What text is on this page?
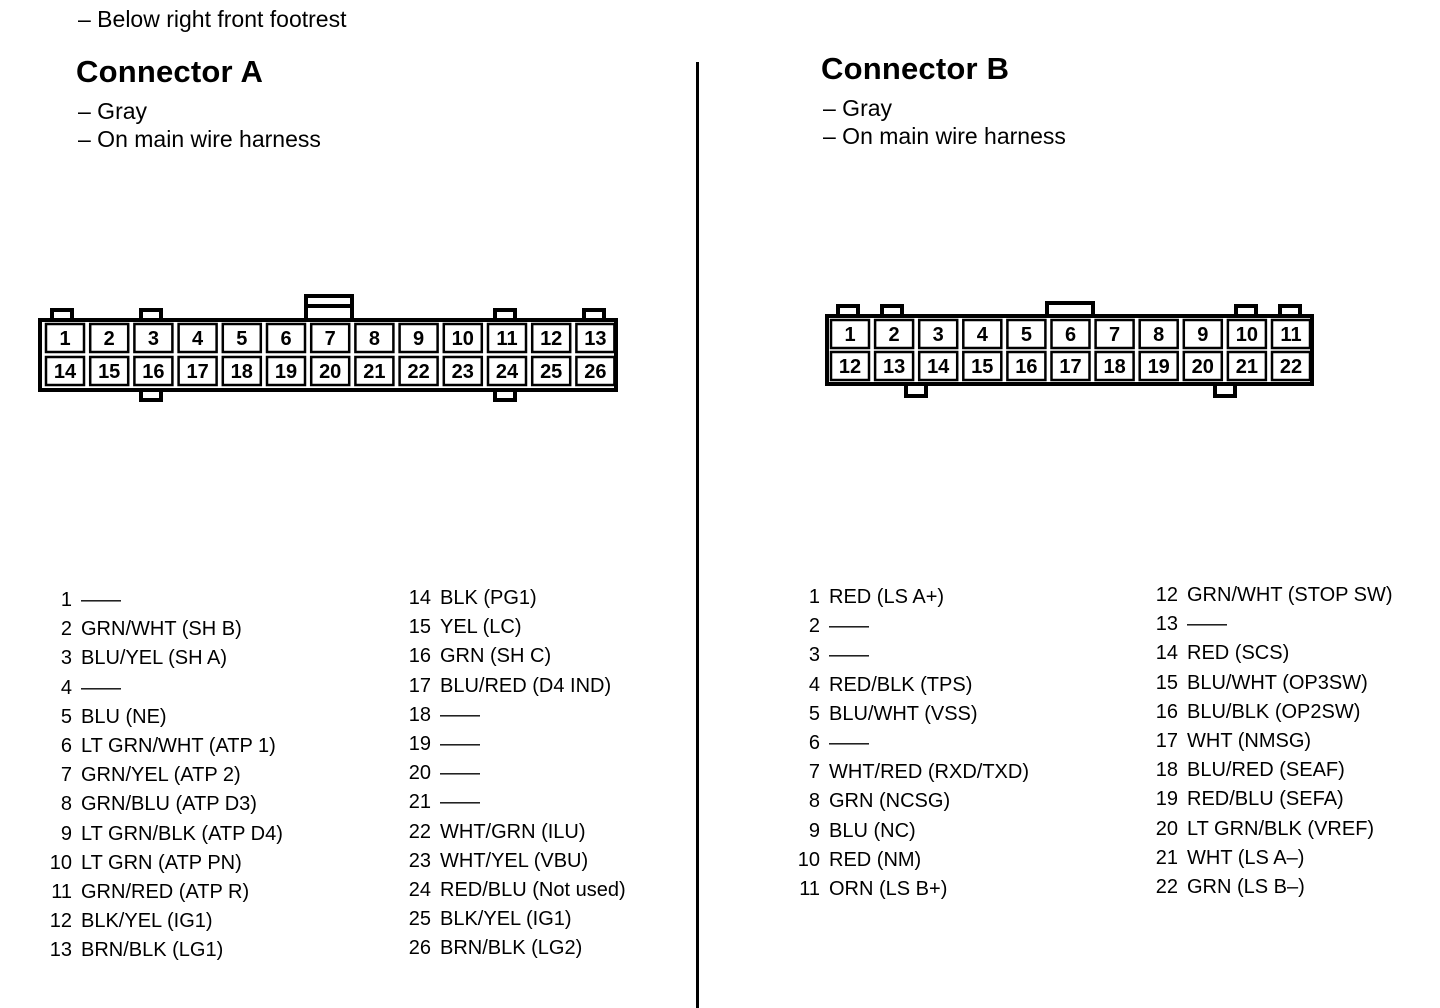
– Below right front footrest
Connector A
– Gray
– On main wire harness
Connector B
– Gray
– On main wire harness
1 2 3 4 5 6 7 8 9 10 11 12 13
14 15 16 17 18 19 20 21 22 23 24 25 26
1 2 3 4 5 6 7 8 9 10 11
12 13 14 15 16 17 18 19 20 21 22
1 ——
2 GRN/WHT (SH B)
3 BLU/YEL (SH A)
4 ——
5 BLU (NE)
6 LT GRN/WHT (ATP 1)
7 GRN/YEL (ATP 2)
8 GRN/BLU (ATP D3)
9 LT GRN/BLK (ATP D4)
10 LT GRN (ATP PN)
11 GRN/RED (ATP R)
12 BLK/YEL (IG1)
13 BRN/BLK (LG1)
14 BLK (PG1)
15 YEL (LC)
16 GRN (SH C)
17 BLU/RED (D4 IND)
18 ——
19 ——
20 ——
21 ——
22 WHT/GRN (ILU)
23 WHT/YEL (VBU)
24 RED/BLU (Not used)
25 BLK/YEL (IG1)
26 BRN/BLK (LG2)
1 RED (LS A+)
2 ——
3 ——
4 RED/BLK (TPS)
5 BLU/WHT (VSS)
6 ——
7 WHT/RED (RXD/TXD)
8 GRN (NCSG)
9 BLU (NC)
10 RED (NM)
11 ORN (LS B+)
12 GRN/WHT (STOP SW)
13 ——
14 RED (SCS)
15 BLU/WHT (OP3SW)
16 BLU/BLK (OP2SW)
17 WHT (NMSG)
18 BLU/RED (SEAF)
19 RED/BLU (SEFA)
20 LT GRN/BLK (VREF)
21 WHT (LS A–)
22 GRN (LS B–)
